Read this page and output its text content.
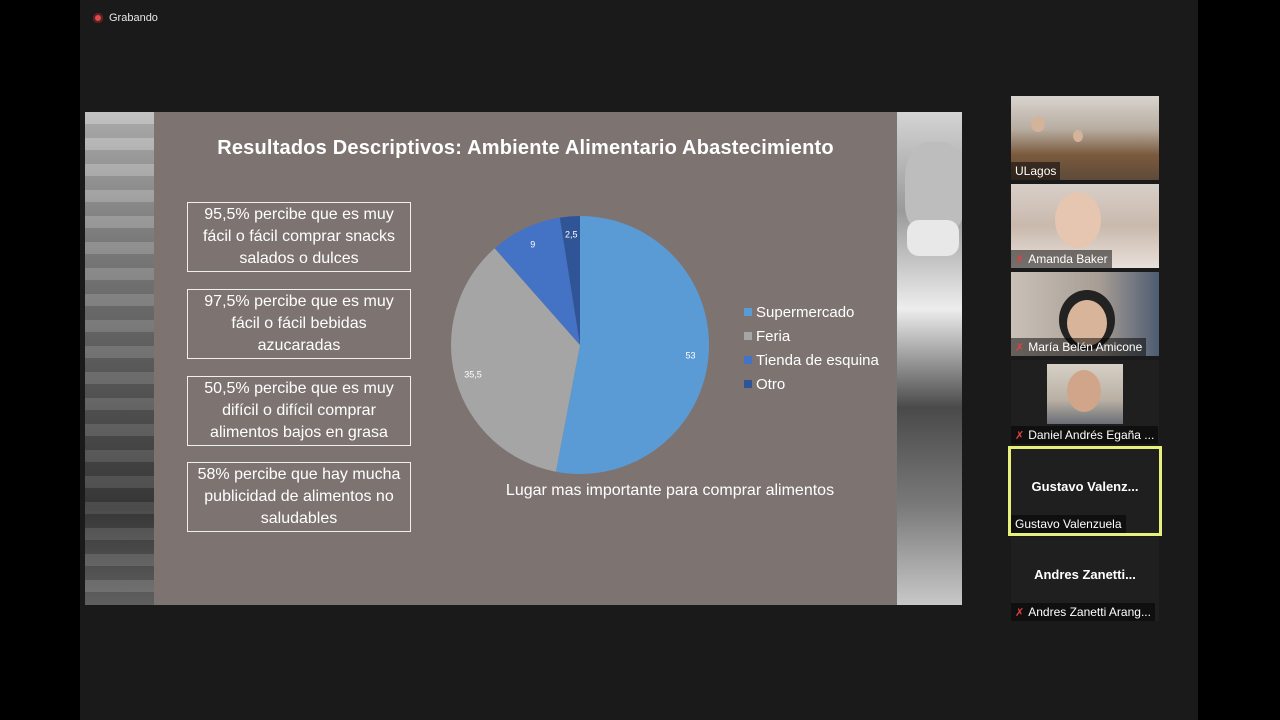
Grabando
Resultados Descriptivos: Ambiente Alimentario Abastecimiento
95,5% percibe que es muy fácil o fácil comprar snacks salados o dulces
97,5% percibe que es muy fácil o fácil bebidas azucaradas
50,5% percibe que es muy difícil o difícil comprar alimentos bajos en grasa
58% percibe que hay mucha publicidad de alimentos no saludables
53
35,5
9
2,5
Supermercado
Feria
Tienda de esquina
Otro
Lugar mas importante para comprar alimentos
ULagos
✗ Amanda Baker
✗ María Belén Amicone
✗ Daniel Andrés Egaña ...
Gustavo Valenz...
Gustavo Valenzuela
Andres Zanetti...
✗ Andres Zanetti Arang...
